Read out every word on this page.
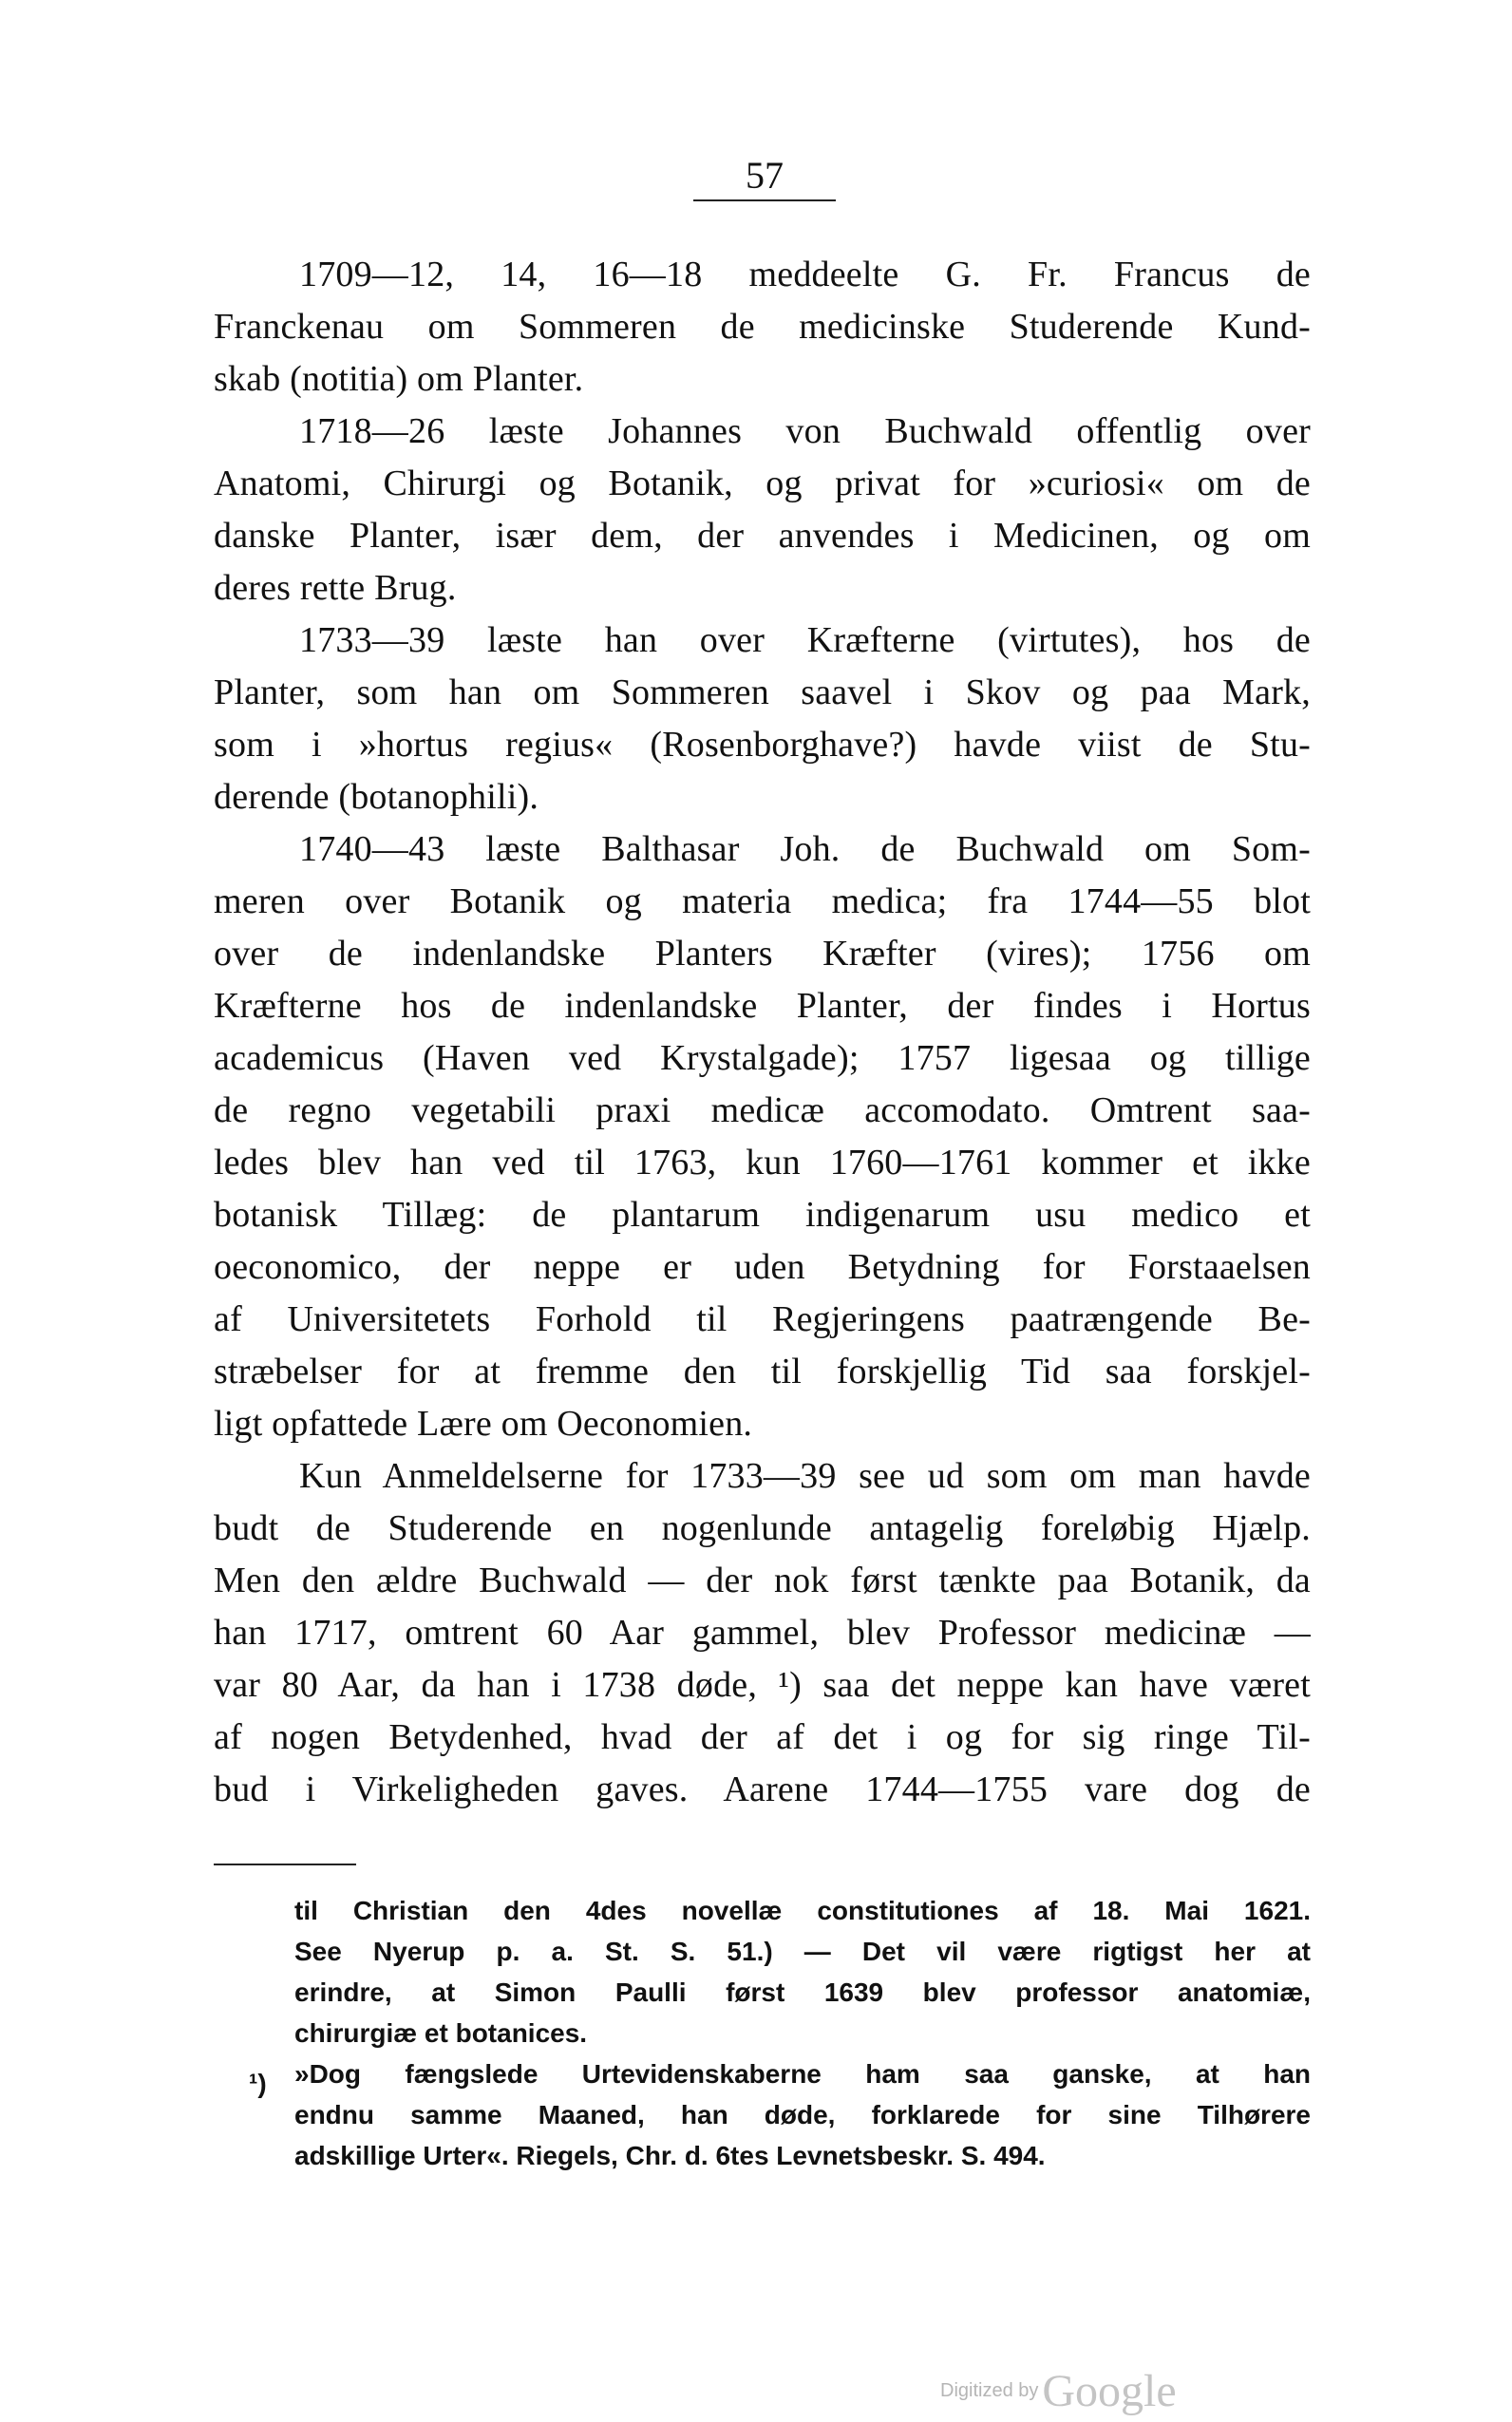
57
1709—12, 14, 16—18 meddeelte G. Fr. Francus de
Franckenau om Sommeren de medicinske Studerende Kund-
skab (notitia) om Planter.
1718—26 læste Johannes von Buchwald offentlig over
Anatomi, Chirurgi og Botanik, og privat for »curiosi« om de
danske Planter, især dem, der anvendes i Medicinen, og om
deres rette Brug.
1733—39 læste han over Kræfterne (virtutes), hos de
Planter, som han om Sommeren saavel i Skov og paa Mark,
som i »hortus regius« (Rosenborghave?) havde viist de Stu-
derende (botanophili).
1740—43 læste Balthasar Joh. de Buchwald om Som-
meren over Botanik og materia medica; fra 1744—55 blot
over de indenlandske Planters Kræfter (vires); 1756 om
Kræfterne hos de indenlandske Planter, der findes i Hortus
academicus (Haven ved Krystalgade); 1757 ligesaa og tillige
de regno vegetabili praxi medicæ accomodato. Omtrent saa-
ledes blev han ved til 1763, kun 1760—1761 kommer et ikke
botanisk Tillæg: de plantarum indigenarum usu medico et
oeconomico, der neppe er uden Betydning for Forstaaelsen
af Universitetets Forhold til Regjeringens paatrængende Be-
stræbelser for at fremme den til forskjellig Tid saa forskjel-
ligt opfattede Lære om Oeconomien.
Kun Anmeldelserne for 1733—39 see ud som om man havde
budt de Studerende en nogenlunde antagelig foreløbig Hjælp.
Men den ældre Buchwald — der nok først tænkte paa Botanik, da
han 1717, omtrent 60 Aar gammel, blev Professor medicinæ —
var 80 Aar, da han i 1738 døde, ¹) saa det neppe kan have været
af nogen Betydenhed, hvad der af det i og for sig ringe Til-
bud i Virkeligheden gaves. Aarene 1744—1755 vare dog de
¹)
til Christian den 4des novellæ constitutiones af 18. Mai 1621.
See Nyerup p. a. St. S. 51.) — Det vil være rigtigst her at
erindre, at Simon Paulli først 1639 blev professor anatomiæ,
chirurgiæ et botanices.
»Dog fængslede Urtevidenskaberne ham saa ganske, at han
endnu samme Maaned, han døde, forklarede for sine Tilhørere
adskillige Urter«. Riegels, Chr. d. 6tes Levnetsbeskr. S. 494.
Digitized by Google
